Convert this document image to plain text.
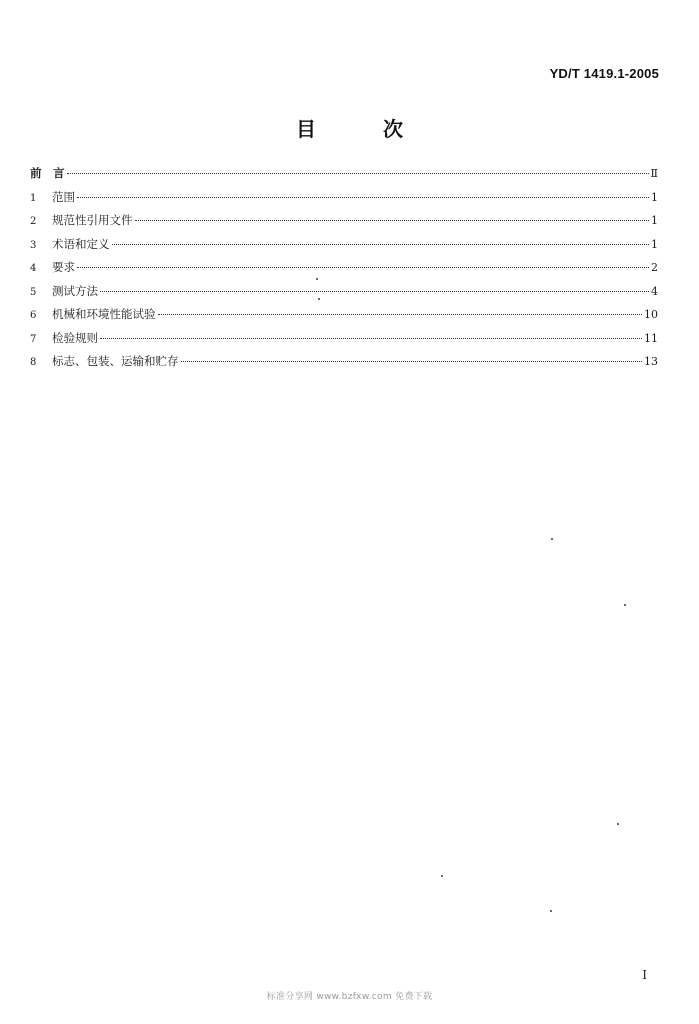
YD/T 1419.1-2005
目	次
前　言	Ⅱ
1	范围	1
2	规范性引用文件	1
3	术语和定义	1
4	要求	2
5	测试方法	4
6	机械和环境性能试验	10
7	检验规则	11
8	标志、包装、运输和贮存	13
I
标准分享网 www.bzfxw.com 免费下载
